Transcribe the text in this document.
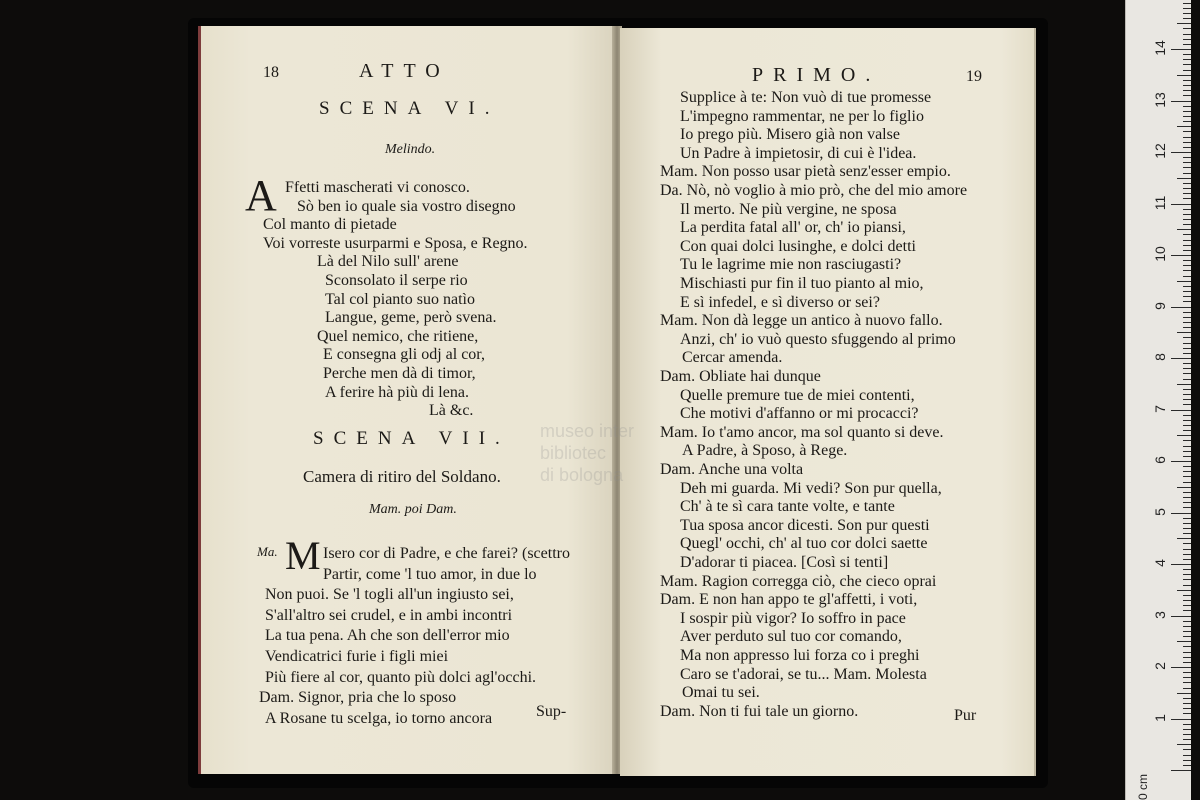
18	ATTO
SCENA VI.
Melindo.
A Ffetti mascherati vi conosco.
Sò ben io quale sia vostro disegno
Col manto di pietade
Voi vorreste usurparmi e Sposa, e Regno.
Là del Nilo sull' arene
Sconsolato il serpe rio
Tal col pianto suo natìo
Langue, geme, però svena.
Quel nemico, che ritiene,
E consegna gli odj al cor,
Perche men dà di timor,
A ferire hà più di lena.
Là &c.
SCENA VII.
Camera di ritiro del Soldano.
Mam. poi Dam.
Ma. M Isero cor di Padre, e che farei? (scettro
Partir, come 'l tuo amor, in due lo
Non puoi. Se 'l togli all'un ingiusto sei,
S'all'altro sei crudel, e in ambi incontri
La tua pena. Ah che son dell'error mio
Vendicatrici furie i figli miei
Più fiere al cor, quanto più dolci agl'occhi.
Dam. Signor, pria che lo sposo
A Rosane tu scelga, io torno ancora	Sup-
PRIMO.	19
Supplice à te: Non vuò di tue promesse
L'impegno rammentar, ne per lo figlio
Io prego più. Misero già non valse
Un Padre à impietosir, di cui è l'idea.
Mam. Non posso usar pietà senz'esser empio.
Da. Nò, nò voglio à mio prò, che del mio amore
Il merto. Ne più vergine, ne sposa
La perdita fatal all' or, ch' io piansi,
Con quai dolci lusinghe, e dolci detti
Tu le lagrime mie non rasciugasti?
Mischiasti pur fin il tuo pianto al mio,
E sì infedel, e sì diverso or sei?
Mam. Non dà legge un antico à nuovo fallo.
Anzi, ch' io vuò questo sfuggendo al primo
Cercar amenda.
Dam. Obliate hai dunque
Quelle premure tue de miei contenti,
Che motivi d'affanno or mi procacci?
Mam. Io t'amo ancor, ma sol quanto si deve.
A Padre, à Sposo, à Rege.
Dam. Anche una volta
Deh mi guarda. Mi vedi? Son pur quella,
Ch' à te sì cara tante volte, e tante
Tua sposa ancor dicesti. Son pur questi
Quegl' occhi, ch' al tuo cor dolci saette
D'adorar ti piacea. [Così si tenti]
Mam. Ragion corregga ciò, che cieco oprai
Dam. E non han appo te gl'affetti, i voti,
I sospir più vigor? Io soffro in pace
Aver perduto sul tuo cor comando,
Ma non appresso lui forza co i preghi
Caro se t'adorai, se tu... Mam. Molesta
Omai tu sei.
Dam. Non ti fui tale un giorno.	Pur
museo inter
bibliotec
di bologna
0 cm
1
2
3
4
5
6
7
8
9
10
11
12
13
14
